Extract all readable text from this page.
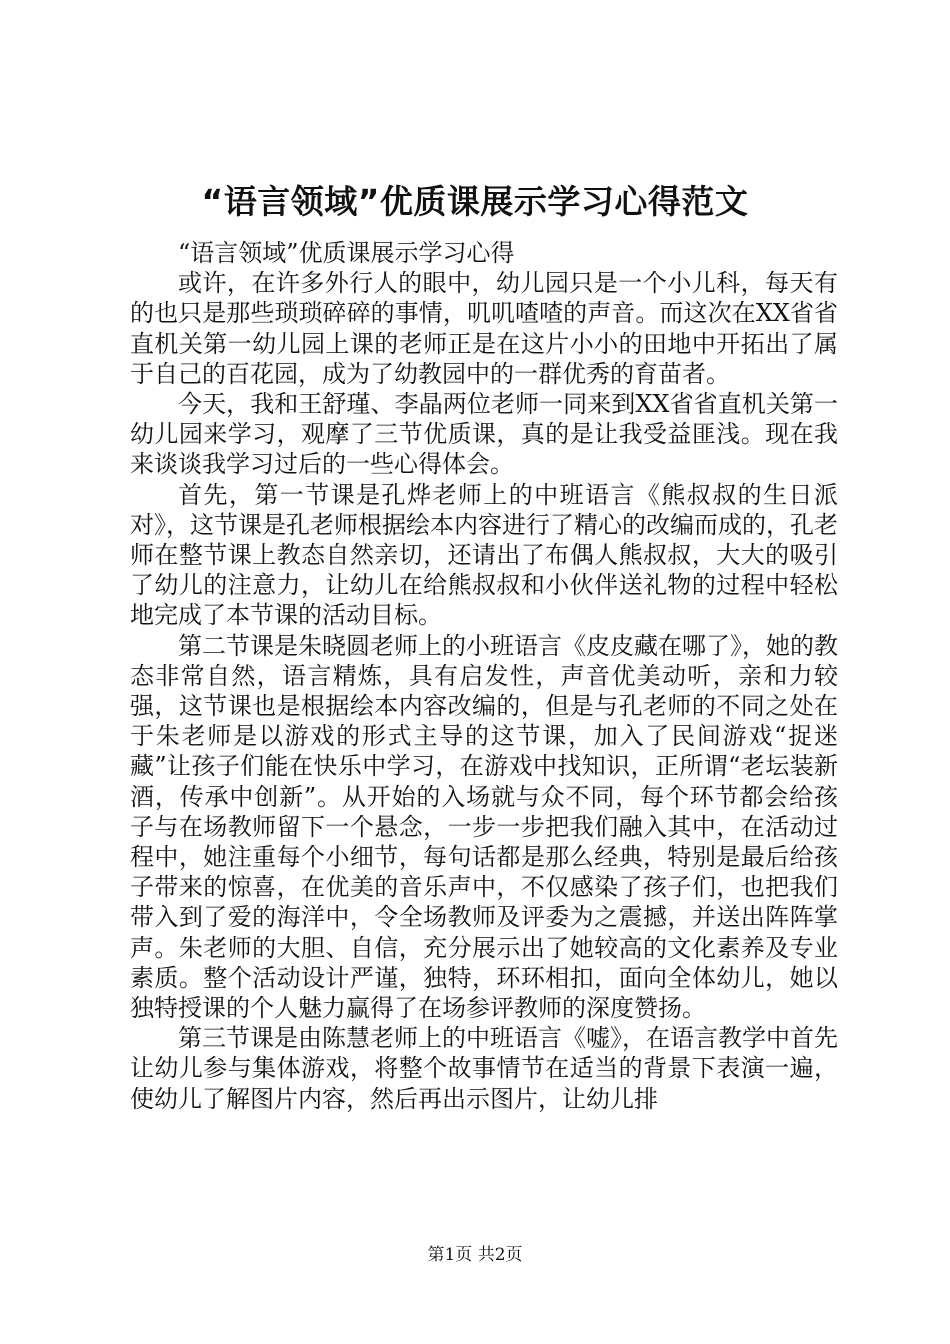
“语言领域”优质课展示学习心得范文

“语言领域”优质课展示学习心得

或许，在许多外行人的眼中，幼儿园只是一个小儿科，每天有的也只是那些琐琐碎碎的事情，叽叽喳喳的声音。而这次在XX省省直机关第一幼儿园上课的老师正是在这片小小的田地中开拓出了属于自己的百花园，成为了幼教园中的一群优秀的育苗者。

今天，我和王舒瑾、李晶两位老师一同来到XX省省直机关第一幼儿园来学习，观摩了三节优质课，真的是让我受益匪浅。现在我来谈谈我学习过后的一些心得体会。

首先，第一节课是孔烨老师上的中班语言《熊叔叔的生日派对》，这节课是孔老师根据绘本内容进行了精心的改编而成的，孔老师在整节课上教态自然亲切，还请出了布偶人熊叔叔，大大的吸引了幼儿的注意力，让幼儿在给熊叔叔和小伙伴送礼物的过程中轻松地完成了本节课的活动目标。

第二节课是朱晓圆老师上的小班语言《皮皮藏在哪了》，她的教态非常自然，语言精炼，具有启发性，声音优美动听，亲和力较强，这节课也是根据绘本内容改编的，但是与孔老师的不同之处在于朱老师是以游戏的形式主导的这节课，加入了民间游戏“捉迷藏”让孩子们能在快乐中学习，在游戏中找知识，正所谓“老坛装新酒，传承中创新”。从开始的入场就与众不同，每个环节都会给孩子与在场教师留下一个悬念，一步一步把我们融入其中，在活动过程中，她注重每个小细节，每句话都是那么经典，特别是最后给孩子带来的惊喜，在优美的音乐声中，不仅感染了孩子们，也把我们带入到了爱的海洋中，令全场教师及评委为之震撼，并送出阵阵掌声。朱老师的大胆、自信，充分展示出了她较高的文化素养及专业素质。整个活动设计严谨，独特，环环相扣，面向全体幼儿，她以独特授课的个人魅力赢得了在场参评教师的深度赞扬。

第三节课是由陈慧老师上的中班语言《嘘》，在语言教学中首先让幼儿参与集体游戏，将整个故事情节在适当的背景下表演一遍，使幼儿了解图片内容，然后再出示图片，让幼儿排

第1页 共2页
